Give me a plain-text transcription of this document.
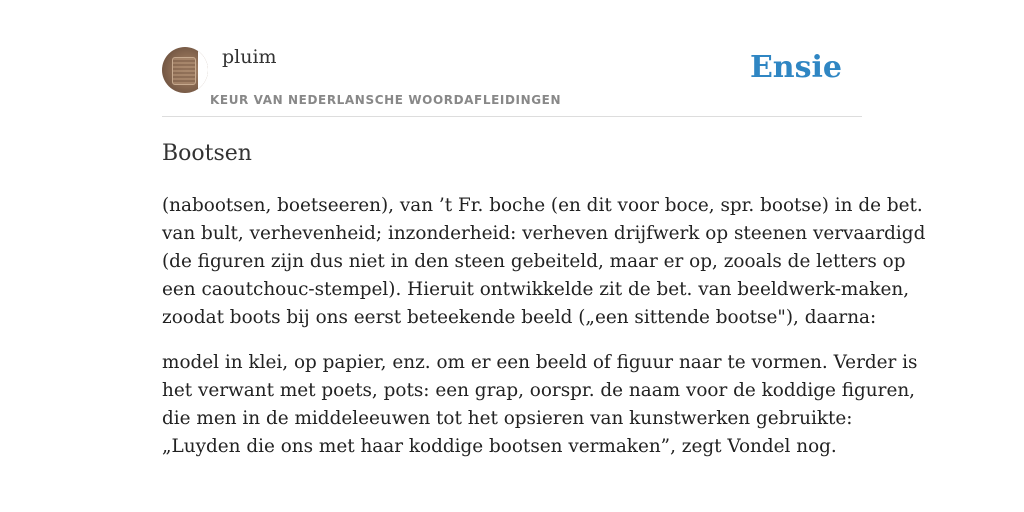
pluim
KEUR VAN NEDERLANSCHE WOORDAFLEIDINGEN
Ensie
Bootsen

(nabootsen, boetseeren), van ’t Fr. boche (en dit voor boce, spr. bootse) in de bet.
van bult, verhevenheid; inzonderheid: verheven drijfwerk op steenen vervaardigd
(de figuren zijn dus niet in den steen gebeiteld, maar er op, zooals de letters op
een caoutchouc-stempel). Hieruit ontwikkelde zit de bet. van beeldwerk-maken,
zoodat boots bij ons eerst beteekende beeld („een sittende bootse"), daarna:

model in klei, op papier, enz. om er een beeld of figuur naar te vormen. Verder is
het verwant met poets, pots: een grap, oorspr. de naam voor de koddige figuren,
die men in de middeleeuwen tot het opsieren van kunstwerken gebruikte:
„Luyden die ons met haar koddige bootsen vermaken”, zegt Vondel nog.
